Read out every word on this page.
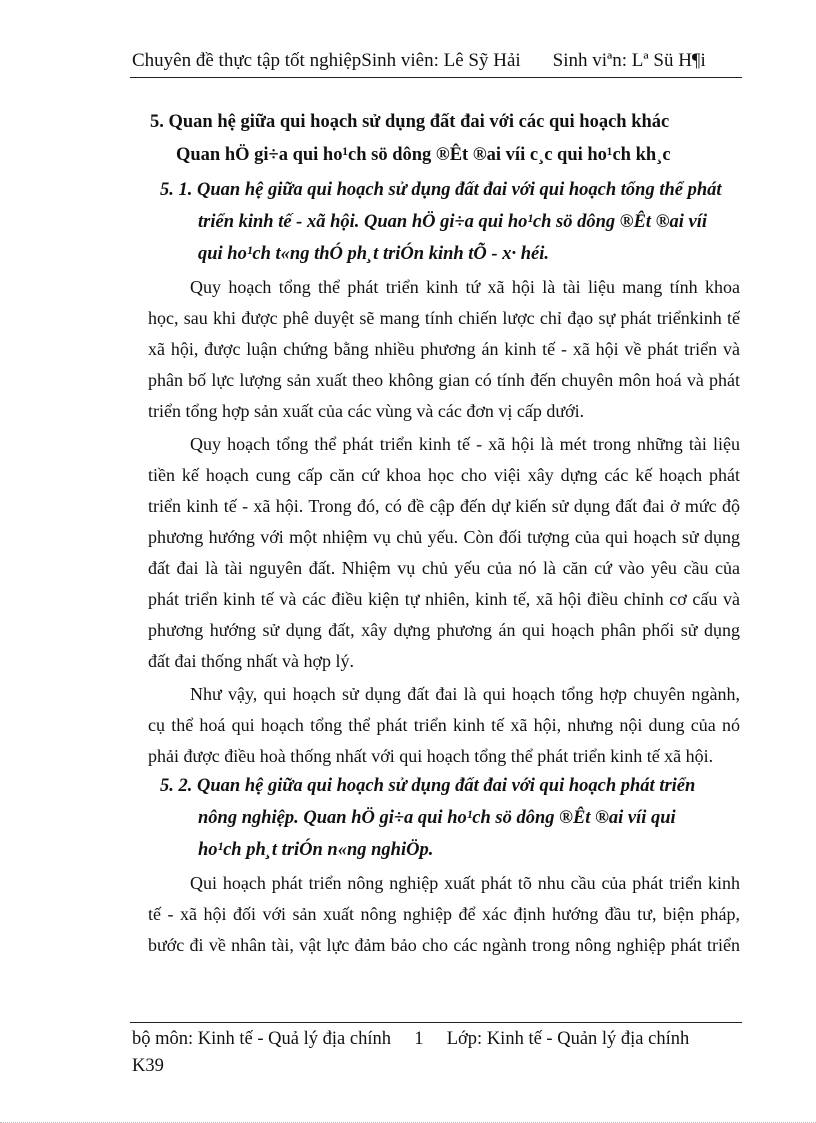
Chuyên đề thực tập tốt nghiệpSinh viên: Lê Sỹ Hải Sinh viªn: Lª Sü H¶i
5. Quan hệ giữa qui hoạch sử dụng đất đai với các qui hoạch khác
Quan hÖ gi÷a qui ho¹ch sö dông ®Êt ®ai víi c¸c qui ho¹ch kh¸c
5. 1. Quan hệ giữa qui hoạch sử dụng đất đai với qui hoạch tổng thể phát
triển kinh tế - xã hội. Quan hÖ gi÷a qui ho¹ch sö dông ®Êt ®ai víi
qui ho¹ch t«ng thÓ ph¸t triÓn kinh tÕ - x· héi.
Quy hoạch tổng thể phát triển kinh tứ xã hội là tài liệu mang tính khoa
học, sau khi được phê duyệt sẽ mang tính chiến lược chỉ đạo sự phát triểnkinh tế
xã hội, được luận chứng bằng nhiều phương án kinh tế - xã hội về phát triển và
phân bố lực lượng sản xuất theo không gian có tính đến chuyên môn hoá và phát
triển tổng hợp sản xuất của các vùng và các đơn vị cấp dưới.
Quy hoạch tổng thể phát triển kinh tế - xã hội là mét trong những tài liệu
tiền kế hoạch cung cấp căn cứ khoa học cho việi xây dựng các kế hoạch phát
triển kinh tế - xã hội. Trong đó, có đề cập đến dự kiến sử dụng đất đai ở mức độ
phương hướng với một nhiệm vụ chủ yếu. Còn đối tượng của qui hoạch sử dụng
đất đai là tài nguyên đất. Nhiệm vụ chủ yếu của nó là căn cứ vào yêu cầu của
phát triển kinh tế và các điều kiện tự nhiên, kinh tế, xã hội điều chỉnh cơ cấu và
phương hướng sử dụng đất, xây dựng phương án qui hoạch phân phối sử dụng
đất đai thống nhất và hợp lý.
Như vậy, qui hoạch sử dụng đất đai là qui hoạch tổng hợp chuyên ngành,
cụ thể hoá qui hoạch tổng thể phát triển kinh tế xã hội, nhưng nội dung của nó
phải được điều hoà thống nhất với qui hoạch tổng thể phát triển kinh tế xã hội.
5. 2. Quan hệ giữa qui hoạch sử dụng đất đai với qui hoạch phát triển
nông nghiệp. Quan hÖ gi÷a qui ho¹ch sö dông ®Êt ®ai víi qui
ho¹ch ph¸t triÓn n«ng nghiÖp.
Qui hoạch phát triển nông nghiệp xuất phát tõ nhu cầu của phát triển kinh
tế - xã hội đối với sản xuất nông nghiệp để xác định hướng đầu tư, biện pháp,
bước đi về nhân tài, vật lực đảm bảo cho các ngành trong nông nghiệp phát triển
bộ môn: Kinh tế - Quả lý địa chính 1 Lớp: Kinh tế - Quản lý địa chính
K39
